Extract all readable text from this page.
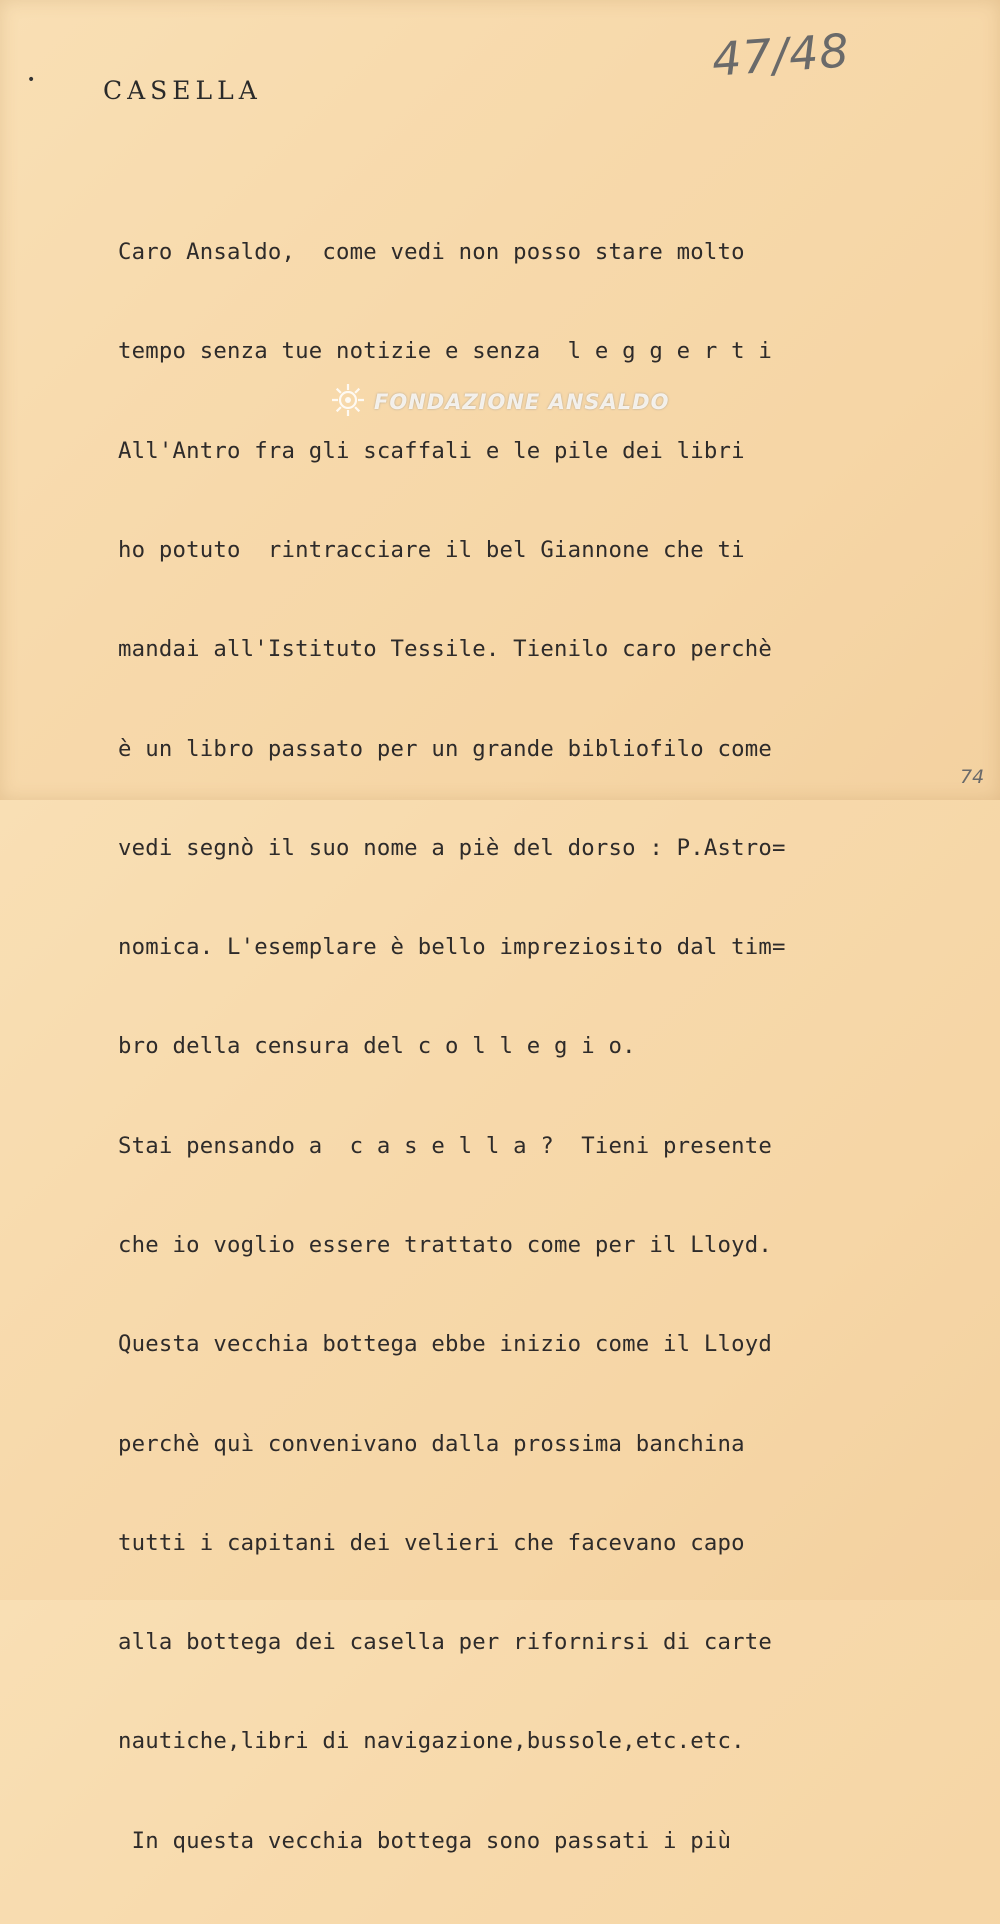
•	CASELLA
47/48

Caro Ansaldo,  come vedi non posso stare molto

tempo senza tue notizie e senza  l e g g e r t i

All'Antro fra gli scaffali e le pile dei libri

ho potuto  rintracciare il bel Giannone che ti

mandai all'Istituto Tessile. Tienilo caro perchè

è un libro passato per un grande bibliofilo come

vedi segnò il suo nome a piè del dorso : P.Astro=

nomica. L'esemplare è bello impreziosito dal tim=

bro della censura del c o l l e g i o.

Stai pensando a  c a s e l l a ?  Tieni presente

che io voglio essere trattato come per il Lloyd.

Questa vecchia bottega ebbe inizio come il Lloyd

perchè quì convenivano dalla prossima banchina

tutti i capitani dei velieri che facevano capo

alla bottega dei casella per rifornirsi di carte

nautiche,libri di navigazione,bussole,etc.etc.

In questa vecchia bottega sono passati i più

FONDAZIONE ANSALDO
74
